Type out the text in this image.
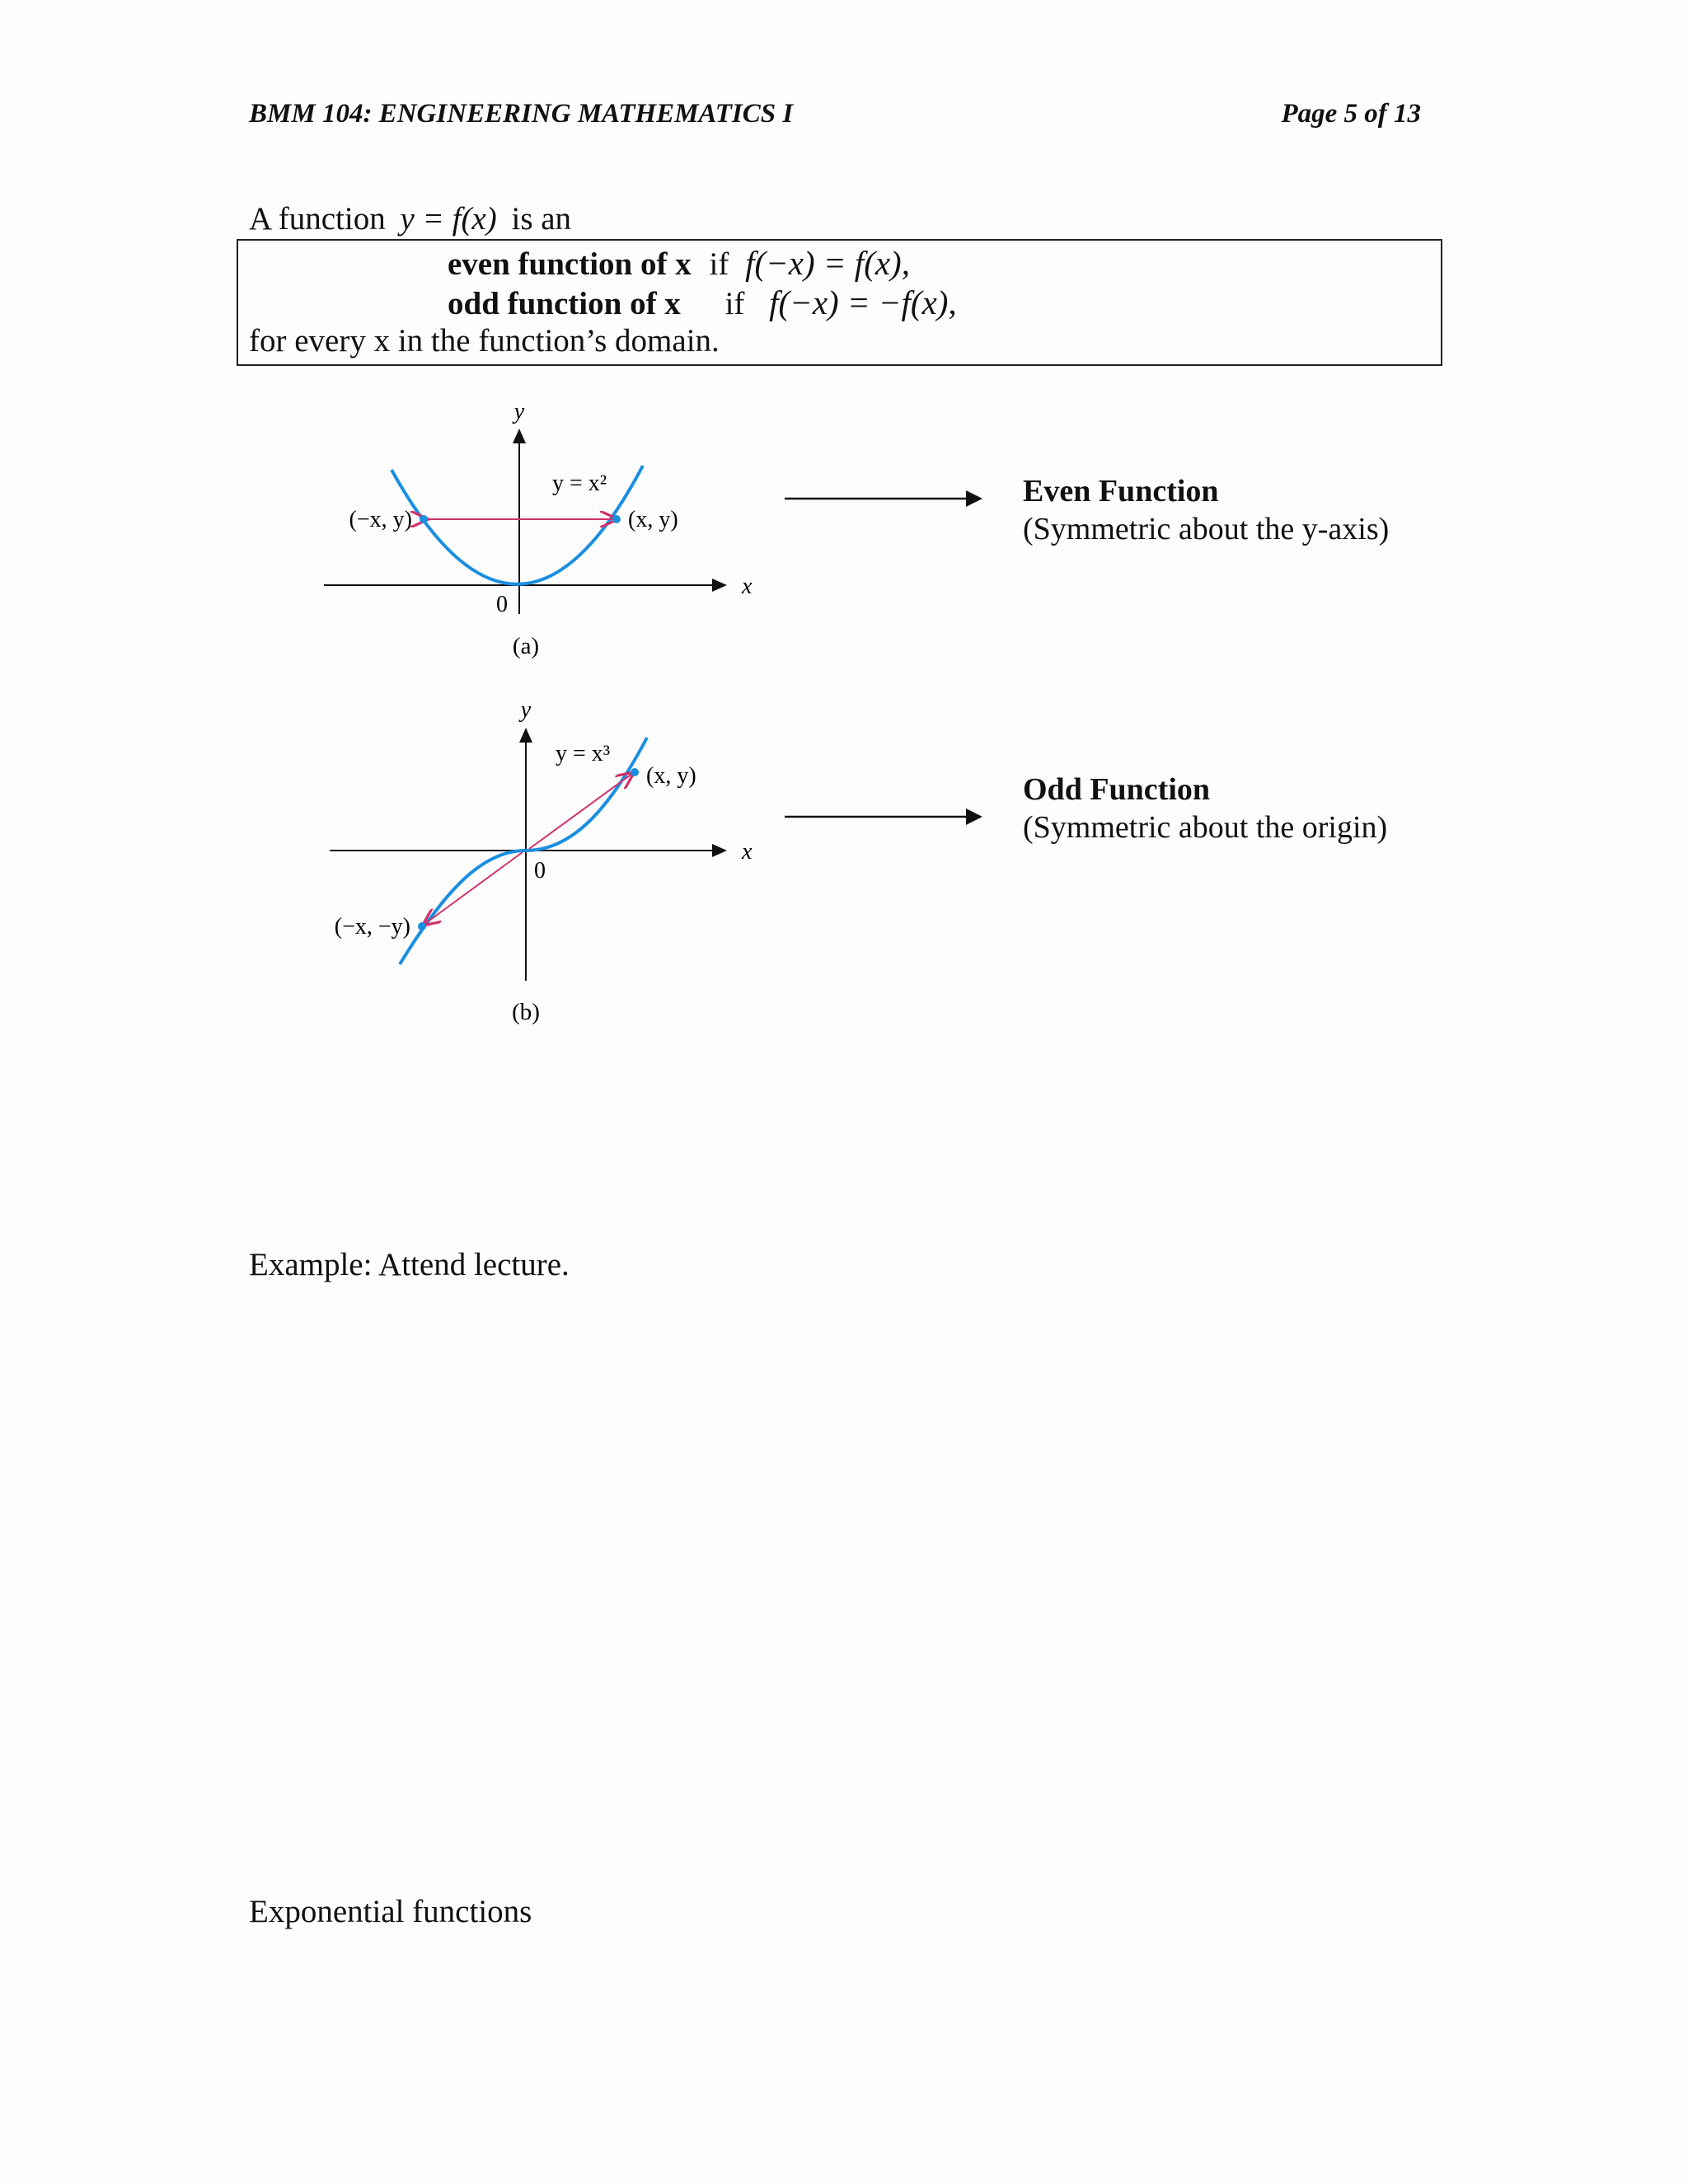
BMM 104: ENGINEERING MATHEMATICS I	Page 5 of 13
A function y = f(x) is an
even function of x if f(−x) = f(x),
odd function of x if f(−x) = −f(x),
for every x in the function’s domain.
y
x
y = x²
0
(−x, y)	(x, y)
(a)
y
x
y = x³
0
(x, y)
(−x, −y)
(b)
Even Function
(Symmetric about the y-axis)
Odd Function
(Symmetric about the origin)
Example: Attend lecture.
Exponential functions
